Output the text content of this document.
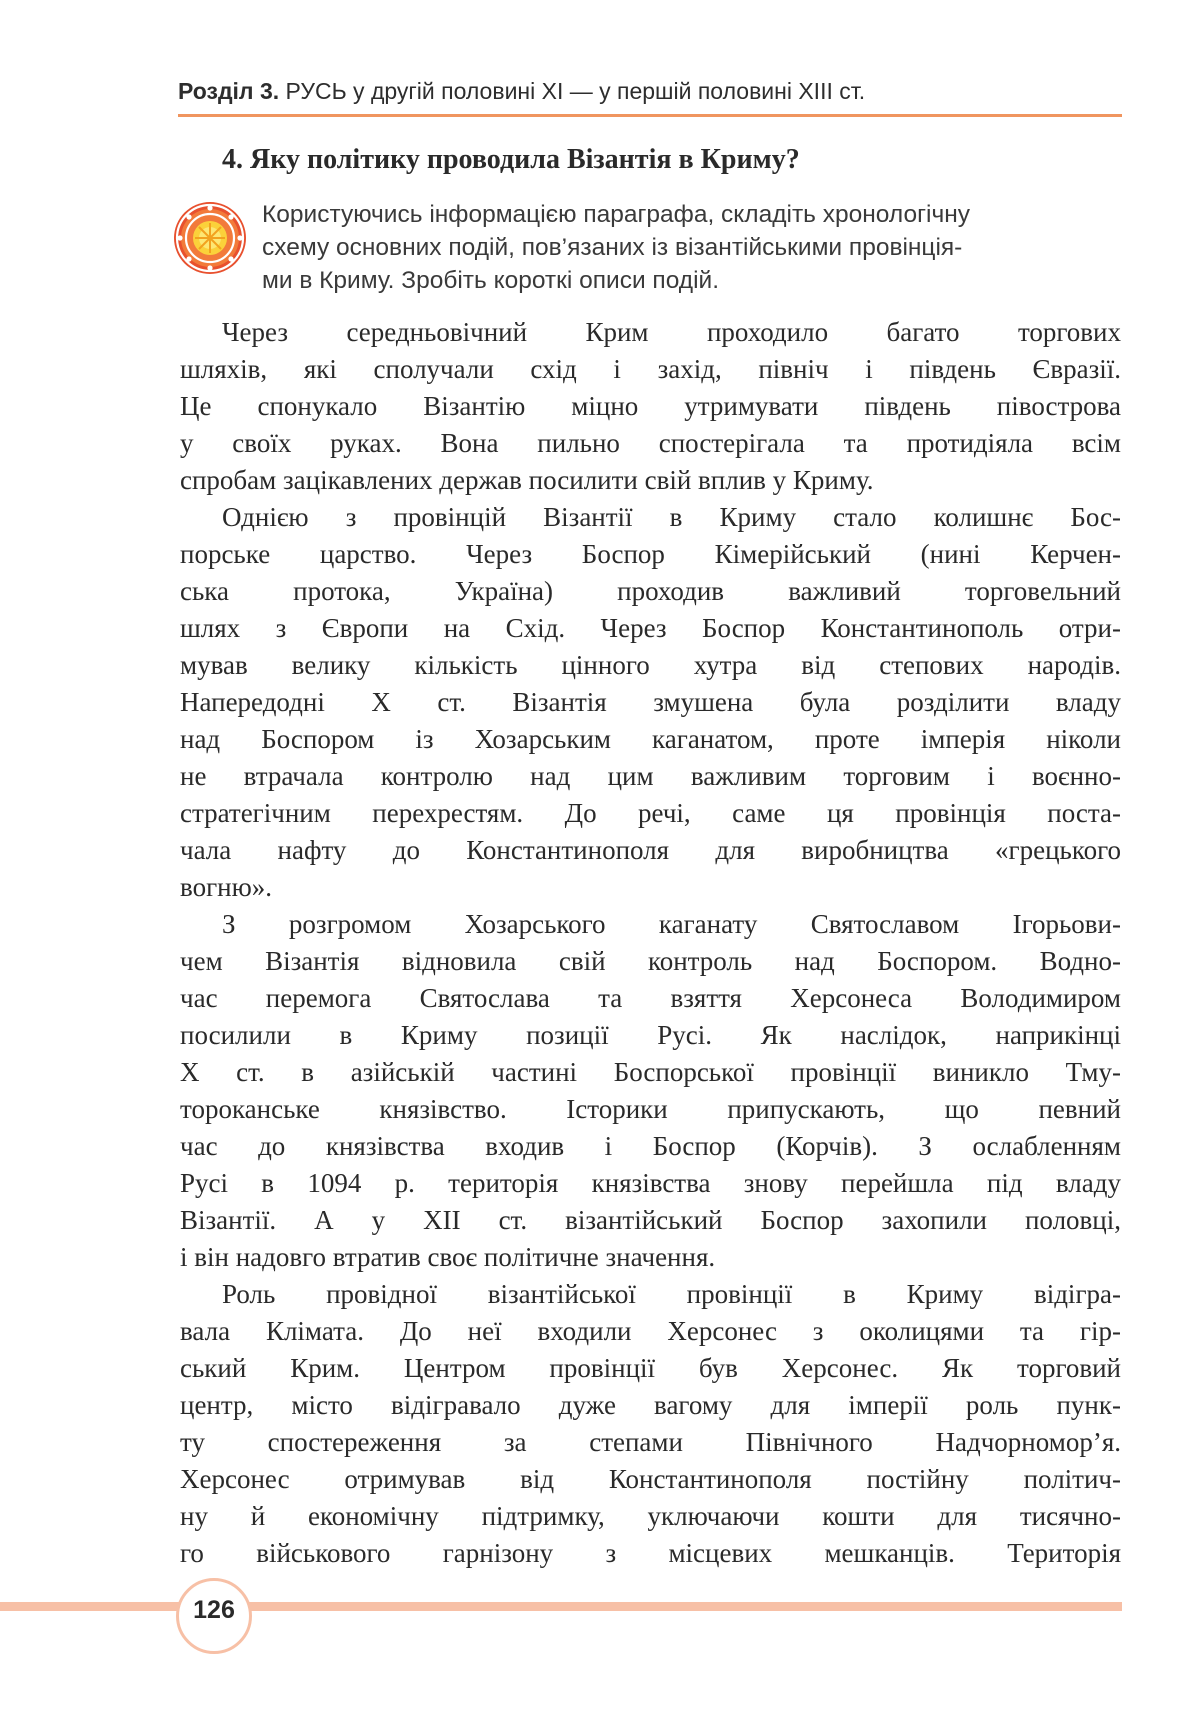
Розділ 3. РУСЬ у другій половині XI — у першій половині XIII ст.
4. Яку політику проводила Візантія в Криму?
Користуючись інформацією параграфа, складіть хронологічну
схему основних подій, пов’язаних із візантійськими провінція-
ми в Криму. Зробіть короткі описи подій.
Через середньовічний Крим проходило багато торгових
шляхів, які сполучали схід і захід, північ і південь Євразії.
Це спонукало Візантію міцно утримувати південь півострова
у своїх руках. Вона пильно спостерігала та протидіяла всім
спробам зацікавлених держав посилити свій вплив у Криму.
Однією з провінцій Візантії в Криму стало колишнє Бос-
порське царство. Через Боспор Кімерійський (нині Керчен-
ська протока, Україна) проходив важливий торговельний
шлях з Європи на Схід. Через Боспор Константинополь отри-
мував велику кількість цінного хутра від степових народів.
Напередодні X ст. Візантія змушена була розділити владу
над Боспором із Хозарським каганатом, проте імперія ніколи
не втрачала контролю над цим важливим торговим і воєнно-
стратегічним перехрестям. До речі, саме ця провінція поста-
чала нафту до Константинополя для виробництва «грецького
вогню».
З розгромом Хозарського каганату Святославом Ігорьови-
чем Візантія відновила свій контроль над Боспором. Водно-
час перемога Святослава та взяття Херсонеса Володимиром
посилили в Криму позиції Русі. Як наслідок, наприкінці
X ст. в азійській частині Боспорської провінції виникло Тму-
тороканське князівство. Історики припускають, що певний
час до князівства входив і Боспор (Корчів). З ослабленням
Русі в 1094 р. територія князівства знову перейшла під владу
Візантії. А у XII ст. візантійський Боспор захопили половці,
і він надовго втратив своє політичне значення.
Роль провідної візантійської провінції в Криму відігра-
вала Клімата. До неї входили Херсонес з околицями та гір-
ський Крим. Центром провінції був Херсонес. Як торговий
центр, місто відігравало дуже вагому для імперії роль пунк-
ту спостереження за степами Північного Надчорномор’я.
Херсонес отримував від Константинополя постійну політич-
ну й економічну підтримку, уключаючи кошти для тисячно-
го військового гарнізону з місцевих мешканців. Територія
126
